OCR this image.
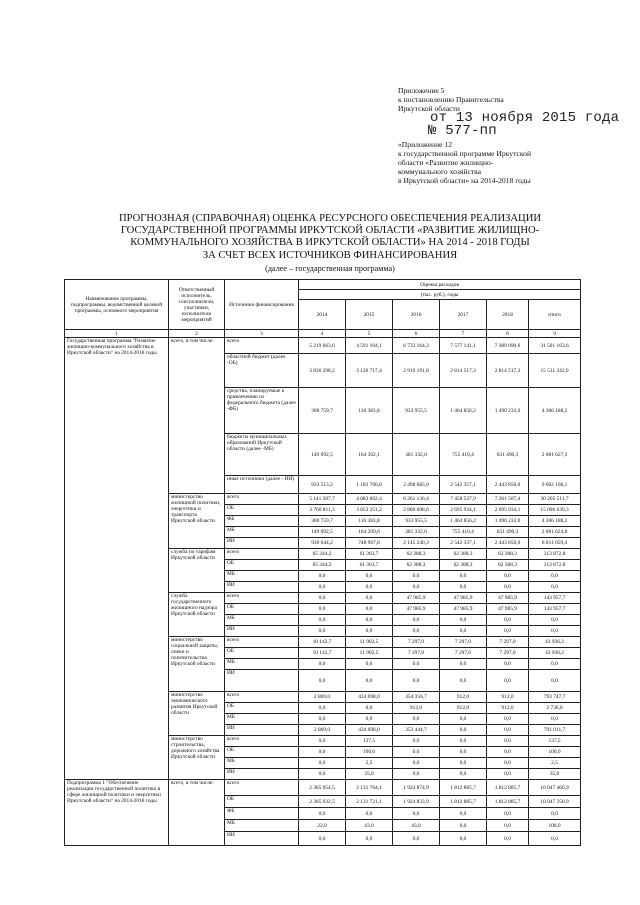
Приложение 5
к постановлению Правительства
Иркутской области
от 13 ноября 2015 года
№ 577-пп
«Приложение 12
к государственной программе Иркутской
области «Развитие жилищно-
коммунального хозяйства
в Иркутской области» на 2014-2018 годы
ПРОГНОЗНАЯ (СПРАВОЧНАЯ) ОЦЕНКА РЕСУРСНОГО ОБЕСПЕЧЕНИЯ РЕАЛИЗАЦИИ
ГОСУДАРСТВЕННОЙ ПРОГРАММЫ ИРКУТСКОЙ ОБЛАСТИ «РАЗВИТИЕ ЖИЛИЩНО-
КОММУНАЛЬНОГО ХОЗЯЙСТВА В ИРКУТСКОЙ ОБЛАСТИ» НА 2014 - 2018 ГОДЫ
ЗА СЧЕТ ВСЕХ ИСТОЧНИКОВ ФИНАНСИРОВАНИЯ
(далее – государственная программа)
Наименование программы, подпрограммы, ведомственной целевой программы, основного мероприятия	Ответственный исполнитель, соисполнители, участники, исполнители мероприятий	Источники финансирования	Оценка расходов					
			(тыс. руб.), годы					
			2014	2015	2016	2017	2018	итого
1	2	3	4	5	6	7	8	9
Государственная программа "Развитие жилищно-коммунального хозяйства в Иркутской области" на 2014-2018 годы	всего, в том числе:	всего	5 219 663,6	4 591 104,1	6 733 164,3	7 577 141,1	7 380 090,6	31 501 163,6
		областной бюджет (далее -ОБ)	3 836 298,2	3 126 717,4	2 919 191,8	2 814 517,3	2 814 517,3	15 511 242,0
		средства, планируемые к привлечению из федерального бюджета (далее -ФБ)	300 759,7	116 383,8	933 955,5	1 464 856,2	1 490 233,0	4 306 188,2
		бюджеты муниципальных образований Иркутской области (далее -МБ)	149 092,5	164 302,1	381 332,0	755 410,4	631 490,3	2 081 627,3
		иные источники (далее - ИИ)	933 513,2	1 183 700,8	2 498 685,0	2 542 357,1	2 443 850,0	9 602 106,1
	министерство жилищной политики, энергетики и транспорта Иркутской области	всего	5 141 307,7	4 083 002,4	6 261 136,4	7 458 537,9	7 261 507,4	30 205 511,7
		ОБ	3 760 811,3	3 053 351,2	2 800 608,6	2 695 934,1	2 695 934,1	15 006 639,3
		ФБ	300 759,7	116 383,8	933 955,5	1 464 856,2	1 490 233,0	4 306 188,2
		МБ	149 092,5	164 209,6	381 332,0	755 410,4	631 490,3	2 081 624,8
		ИИ	930 644,2	748 967,8	2 145 240,3	2 542 337,1	2 443 850,0	8 811 059,4
	служба по тарифам Иркутской области	всего	65 344,2	61 363,7	62 388,3	62 388,3	62 388,3	313 872,8
		ОБ	65 344,2	61 363,7	62 388,3	62 388,3	62 388,3	313 872,8
		МБ	0,0	0,0	0,0	0,0	0,0	0,0
		ИИ	0,0	0,0	0,0	0,0	0,0	0,0
	служба государственного жилищного надзора Иркутской области	всего	0,0	0,0	47 985,9	47 985,9	47 985,9	143 957,7
		ОБ	0,0	0,0	47 985,9	47 985,9	47 985,9	143 957,7
		МБ	0,0	0,0	0,0	0,0	0,0	0,0
		ИИ	0,0	0,0	0,0	0,0	0,0	0,0
	министерство социальной защиты, опеки и попечительства Иркутской области	всего	10 142,7	11 902,5	7 297,0	7 297,0	7 297,0	43 936,2
		ОБ	10 142,7	11 902,5	7 297,0	7 297,0	7 297,0	43 936,2
		МБ	0,0	0,0	0,0	0,0	0,0	0,0
		ИИ	0,0	0,0	0,0	0,0	0,0	0,0
	министерство экономического развития Иркутской области	всего	2 869,0	434 698,0	354 356,7	912,0	912,0	793 747,7
		ОБ	0,0	0,0	912,0	912,0	912,0	2 736,0
		МБ	0,0	0,0	0,0	0,0	0,0	0,0
		ИИ	2 869,0	434 698,0	353 444,7	0,0	0,0	791 011,7
	министерство строительства, дорожного хозяйства Иркутской области	всего	0,0	137,5	0,0	0,0	0,0	137,5
		ОБ	0,0	100,0	0,0	0,0	0,0	100,0
		МБ	0,0	2,5	0,0	0,0	0,0	2,5
		ИИ	0,0	35,0	0,0	0,0	0,0	35,0
Подпрограмма 1 "Обеспечение реализации государственной политики в сфере жилищной политики и энергетики Иркутской области" на 2014-2018 годы	всего, в том числе:	всего	2 365 054,5	2 131 764,1	1 924 874,9	1 812 885,7	1 812 885,7	10 047 466,9
		ОБ	2 365 032,5	2 131 721,1	1 924 833,9	1 812 885,7	1 812 885,7	10 047 358,9
		ФБ	0,0	0,0	0,0	0,0	0,0	0,0
		МБ	22,0	43,0	43,0	0,0	0,0	108,0
		ИИ	0,0	0,0	0,0	0,0	0,0	0,0
